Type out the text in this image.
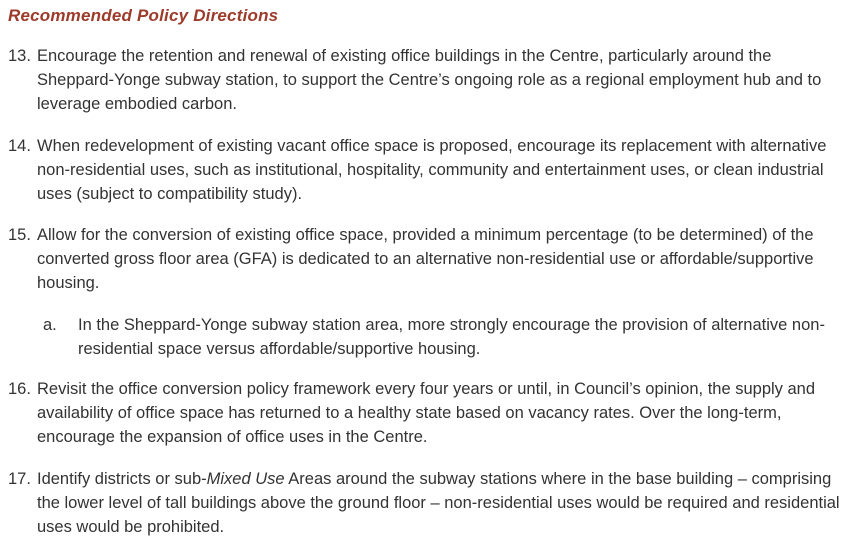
Recommended Policy Directions
13. Encourage the retention and renewal of existing office buildings in the Centre, particularly around the Sheppard-Yonge subway station, to support the Centre’s ongoing role as a regional employment hub and to leverage embodied carbon.
14. When redevelopment of existing vacant office space is proposed, encourage its replacement with alternative non-residential uses, such as institutional, hospitality, community and entertainment uses, or clean industrial uses (subject to compatibility study).
15. Allow for the conversion of existing office space, provided a minimum percentage (to be determined) of the converted gross floor area (GFA) is dedicated to an alternative non-residential use or affordable/supportive housing.
a. In the Sheppard-Yonge subway station area, more strongly encourage the provision of alternative non-residential space versus affordable/supportive housing.
16. Revisit the office conversion policy framework every four years or until, in Council’s opinion, the supply and availability of office space has returned to a healthy state based on vacancy rates. Over the long-term, encourage the expansion of office uses in the Centre.
17. Identify districts or sub-Mixed Use Areas around the subway stations where in the base building – comprising the lower level of tall buildings above the ground floor – non-residential uses would be required and residential uses would be prohibited.
